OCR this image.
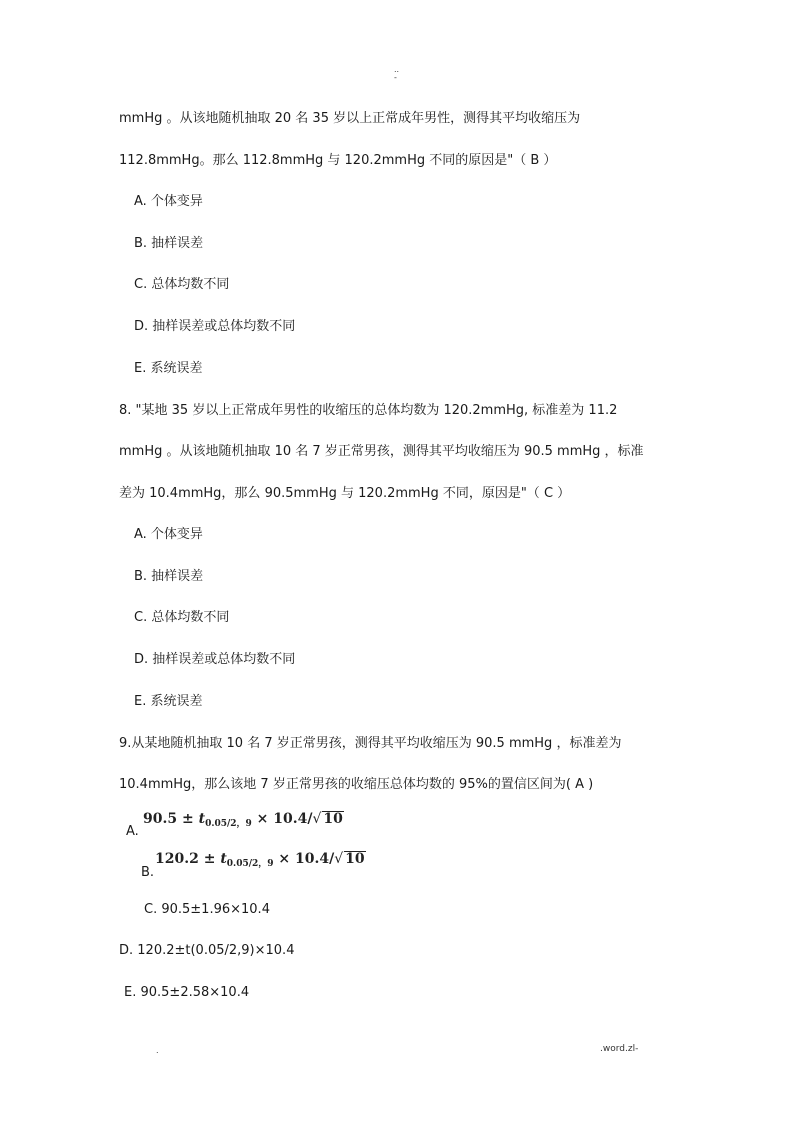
..
-
mmHg 。从该地随机抽取 20 名 35 岁以上正常成年男性，测得其平均收缩压为
112.8mmHg。那么 112.8mmHg 与 120.2mmHg 不同的原因是"（ B ）
A. 个体变异
B. 抽样误差
C. 总体均数不同
D. 抽样误差或总体均数不同
E. 系统误差
8. "某地 35 岁以上正常成年男性的收缩压的总体均数为 120.2mmHg, 标准差为 11.2
mmHg 。从该地随机抽取 10 名 7 岁正常男孩，测得其平均收缩压为 90.5 mmHg ，标准
差为 10.4mmHg，那么 90.5mmHg 与 120.2mmHg 不同，原因是"（ C ）
A. 个体变异
B. 抽样误差
C. 总体均数不同
D. 抽样误差或总体均数不同
E. 系统误差
9.从某地随机抽取 10 名 7 岁正常男孩，测得其平均收缩压为 90.5 mmHg ，标准差为
10.4mmHg，那么该地 7 岁正常男孩的收缩压总体均数的 95%的置信区间为( A )
A.
$90.5 \pm t_{0.05/2,9} \times 10.4/√$ 10
B.
$120.2 \pm t_{0.05/2,9} \times 10.4/√$ 10
C. 90.5±1.96×10.4
D. 120.2±t(0.05/2,9)×10.4
E. 90.5±2.58×10.4
.	.word.zl-
